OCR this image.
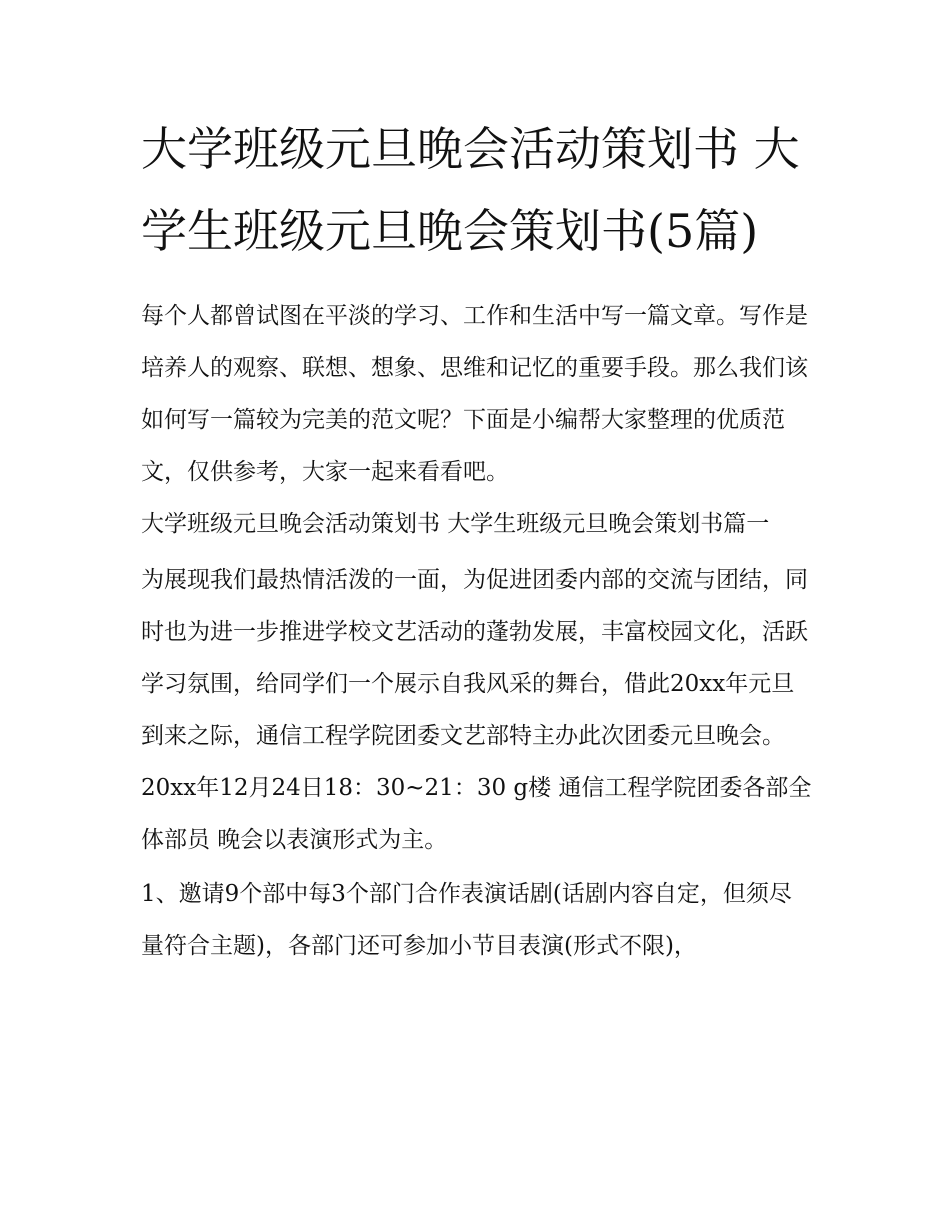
大学班级元旦晚会活动策划书 大学生班级元旦晚会策划书(5篇)

每个人都曾试图在平淡的学习、工作和生活中写一篇文章。写作是培养人的观察、联想、想象、思维和记忆的重要手段。那么我们该如何写一篇较为完美的范文呢？下面是小编帮大家整理的优质范文，仅供参考，大家一起来看看吧。

大学班级元旦晚会活动策划书 大学生班级元旦晚会策划书篇一

为展现我们最热情活泼的一面，为促进团委内部的交流与团结，同时也为进一步推进学校文艺活动的蓬勃发展，丰富校园文化，活跃学习氛围，给同学们一个展示自我风采的舞台，借此20xx年元旦到来之际，通信工程学院团委文艺部特主办此次团委元旦晚会。

20xx年12月24日18：30~21：30 g楼 通信工程学院团委各部全体部员 晚会以表演形式为主。

1、邀请9个部中每3个部门合作表演话剧(话剧内容自定，但须尽量符合主题)，各部门还可参加小节目表演(形式不限)，
